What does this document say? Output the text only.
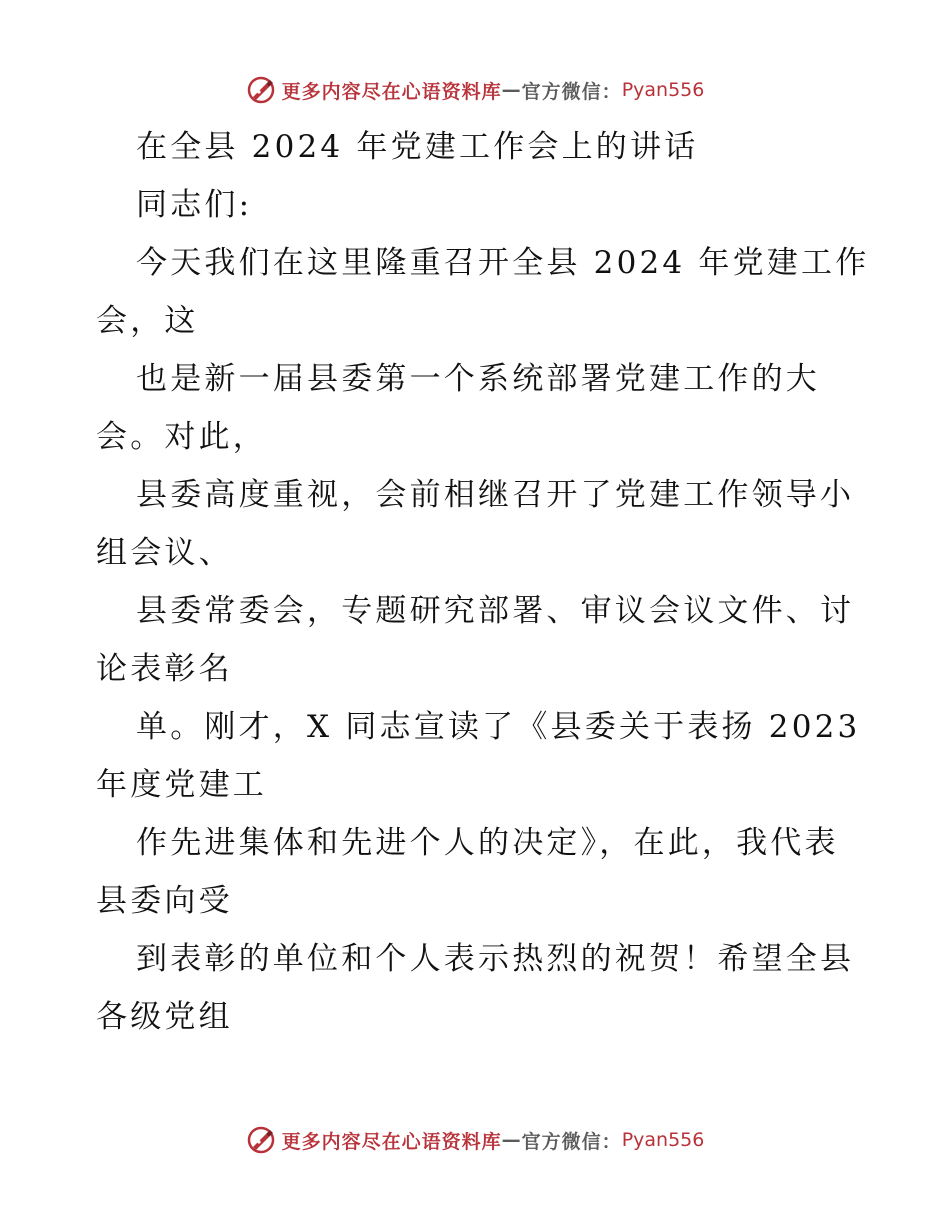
更多内容尽在心语资料库 — 官方微信： Pyan556
在全县 2024 年党建工作会上的讲话
同志们:
今天我们在这里隆重召开全县 2024 年党建工作
会，这
也是新一届县委第一个系统部署党建工作的大
会。对此，
县委高度重视，会前相继召开了党建工作领导小
组会议、
县委常委会，专题研究部署、审议会议文件、讨
论表彰名
单。刚才，X 同志宣读了《县委关于表扬 2023
年度党建工
作先进集体和先进个人的决定》，在此，我代表
县委向受
到表彰的单位和个人表示热烈的祝贺！希望全县
各级党组
更多内容尽在心语资料库 — 官方微信： Pyan556
